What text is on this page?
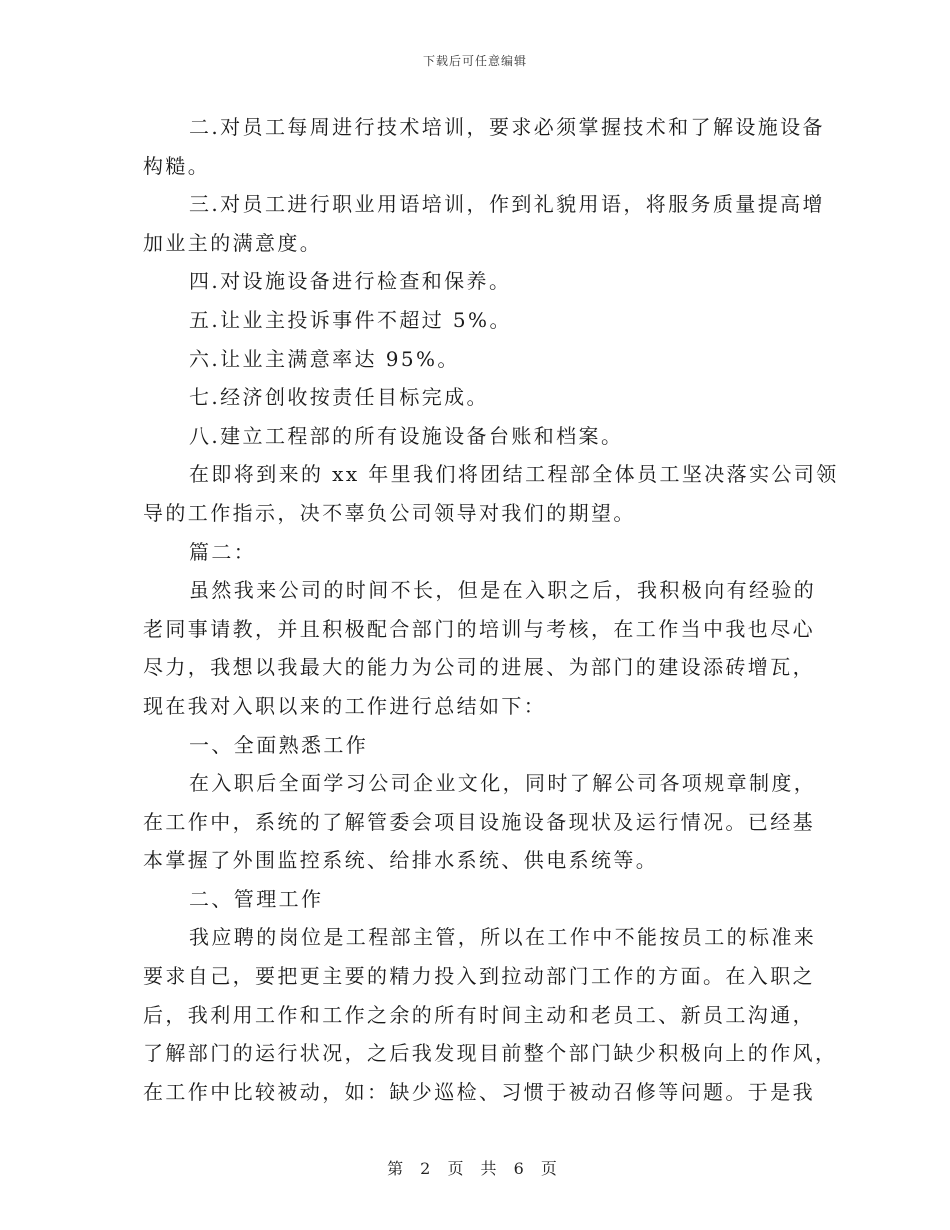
下载后可任意编辑
二.对员工每周进行技术培训，要求必须掌握技术和了解设施设备
构糙。
三.对员工进行职业用语培训，作到礼貌用语，将服务质量提高增
加业主的满意度。
四.对设施设备进行检查和保养。
五.让业主投诉事件不超过 5%。
六.让业主满意率达 95%。
七.经济创收按责任目标完成。
八.建立工程部的所有设施设备台账和档案。
在即将到来的 xx 年里我们将团结工程部全体员工坚决落实公司领
导的工作指示，决不辜负公司领导对我们的期望。
篇二：
虽然我来公司的时间不长，但是在入职之后，我积极向有经验的
老同事请教，并且积极配合部门的培训与考核，在工作当中我也尽心
尽力，我想以我最大的能力为公司的进展、为部门的建设添砖增瓦，
现在我对入职以来的工作进行总结如下：
一、全面熟悉工作
在入职后全面学习公司企业文化，同时了解公司各项规章制度，
在工作中，系统的了解管委会项目设施设备现状及运行情况。已经基
本掌握了外围监控系统、给排水系统、供电系统等。
二、管理工作
我应聘的岗位是工程部主管，所以在工作中不能按员工的标准来
要求自己，要把更主要的精力投入到拉动部门工作的方面。在入职之
后，我利用工作和工作之余的所有时间主动和老员工、新员工沟通，
了解部门的运行状况，之后我发现目前整个部门缺少积极向上的作风，
在工作中比较被动，如：缺少巡检、习惯于被动召修等问题。于是我
第 2 页 共 6 页
